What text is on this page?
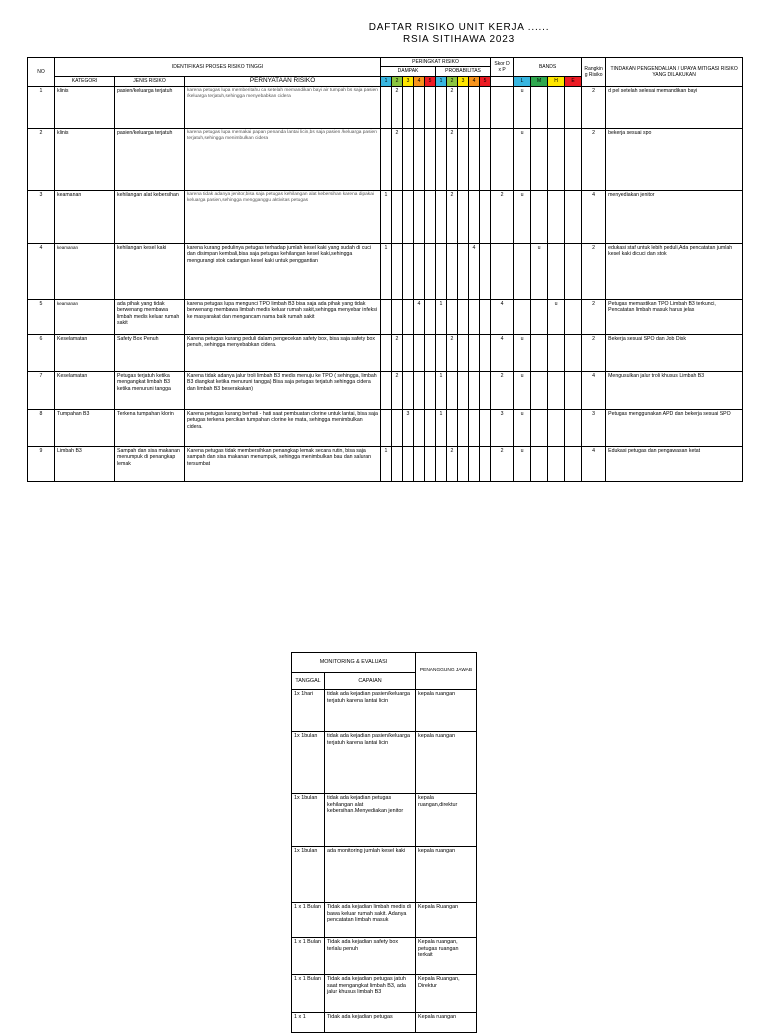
DAFTAR RISIKO UNIT KERJA ......
RSIA SITIHAWA 2023
NO	IDENTIFIKASI PROSES RISIKO TINGGI			PERINGKAT RISIKO										Skor D x P	BANDS				Rangkin g Risiko	TINDAKAN PENGENDALIAN / UPAYA MITIGASI RISIKO YANG DILAKUKAN
				DAMPAK					PROBABILITAS											
	KATEGORI	JENIS RISIKO	PERNYATAAN RISIKO	1	2	3	4	5	1	2	3	4	5		L	M	H	E		
1	klinis	pasien/keluarga terjatuh	karena petugas lupa memberitahu ca setelah memandikan bayi air tumpah bs saja pasien /keluarga terjatuh,sehingga menyebabkan cidera		2					2					u				2	d pel setelah selesai memandikan bayi
2	klinis	pasien/keluarga terjatuh	karena petugas lupa memakai papan penanda lantai licin,bs saja pasien /keluarga pasien terjatuh,sehingga menimbulkan cidera		2					2					u				2	bekerja sesuai spo
3	keamanan	kehilangan alat kebersihan	karena tidak adanya jenitor,bisa saja petugas kehilangan alat kebersihan karena dipakai keluarga pasien,sehingga mengganggu aktivitas petugas	1						2				2	u				4	menyediakan jenitor
4	keamanan	kehilangan kesel kaki	karena kurang pedulinya petugas terhadap jumlah kesel kaki yang sudah di cuci dan disimpan kembali,bisa saja petugas kehilangan kesel kaki,sehingga mengurangi stok cadangan kesel kaki untuk penggantian	1								4				u			2	edukasi staf untuk lebih peduli,Ada pencatatan jumlah kesel kaki dicuci dan stok
5	keamanan	ada pihak yang tidak berwenang membawa limbah medis keluar rumah sakit	karena petugas lupa mengunci TPO limbah B3 bisa saja ada pihak yang tidak berwenang membawa limbah medis keluar rumah sakit,sehingga menyebar infeksi ke masyarakat dan mengancam nama baik rumah sakit				4		1					4			u		2	Petugas memastikan TPO Limbah B3 terkunci, Pencatatan limbah masuk harus jelas
6	Keselamatan	Safety Box Penuh	Karena petugas kurang peduli dalam pengecekan safety box, bisa saja safety box penuh, sehingga menyebabkan cidera.		2					2				4	u				2	Bekerja sesuai SPO dan Job Disk
7	Keselamatan	Petugas terjatuh ketika mengangkat limbah B3 ketika menuruni tangga	Karena tidak adanya jalur troli limbah B3 medis menuju ke TPO ( sehingga, limbah B3 diangkat ketika menuruni tangga) Bisa saja petugas terjatuh sehingga cidera dan limbah B3 beserakakan)		2				1					2	u				4	Mengusulkan jalur troli khusus Limbah B3
8	Tumpahan B3	Terkena tumpahan klorin	Karena petugas kurang berhati - hati saat pembuatan clorine untuk lantai, bisa saja petugas terkena percikan tumpahan clorine ke mata, sehingga menimbulkan cidera.			3			1					3	u				3	Petugas menggunakan APD dan bekerja sesuai SPO
9	Limbah B3	Sampah dan sisa makanan menumpuk di penangkap lemak	Karena petugas tidak membersihkan penangkap lemak secara rutin, bisa saja sampah dan sisa makanan menumpuk, sehingga menimbulkan bau dan saluran tersumbat	1						2				2	u				4	Edukasi petugas dan pengawasan ketat
MONITORING & EVALUASI		PENANGGUNG JAWAB
TANGGAL	CAPAIAN	
1x 1hari	tidak ada kejadian pasien/keluarga terjatuh karena lantai licin	kepala ruangan
1x 1bulan	tidak ada kejadian pasien/keluarga terjatuh karena lantai licin	kepala ruangan
1x 1bulan	tidak ada kejadian petugas kehilangan alat kebersihan.Menyediakan jenitor	kepala ruangan,direktur
1x 1bulan	ada monitoring jumlah kesel kaki	kepala ruangan
1 x 1 Bulan	Tidak ada kejadian limbah medis di bawa keluar rumah sakit. Adanya pencatatan limbah masuk	Kepala Ruangan
1 x 1 Bulan	Tidak ada kejadian safety box terlalu penuh	Kepala ruangan, petugas ruangan terkait
1 x 1 Bulan	Tidak ada kejadian petugas jatuh saat mengangkat limbah B3, ada jalur khusus limbah B3	Kepala Ruangan, Direktur
1 x 1	Tidak ada kejadian petugas	Kepala ruangan
